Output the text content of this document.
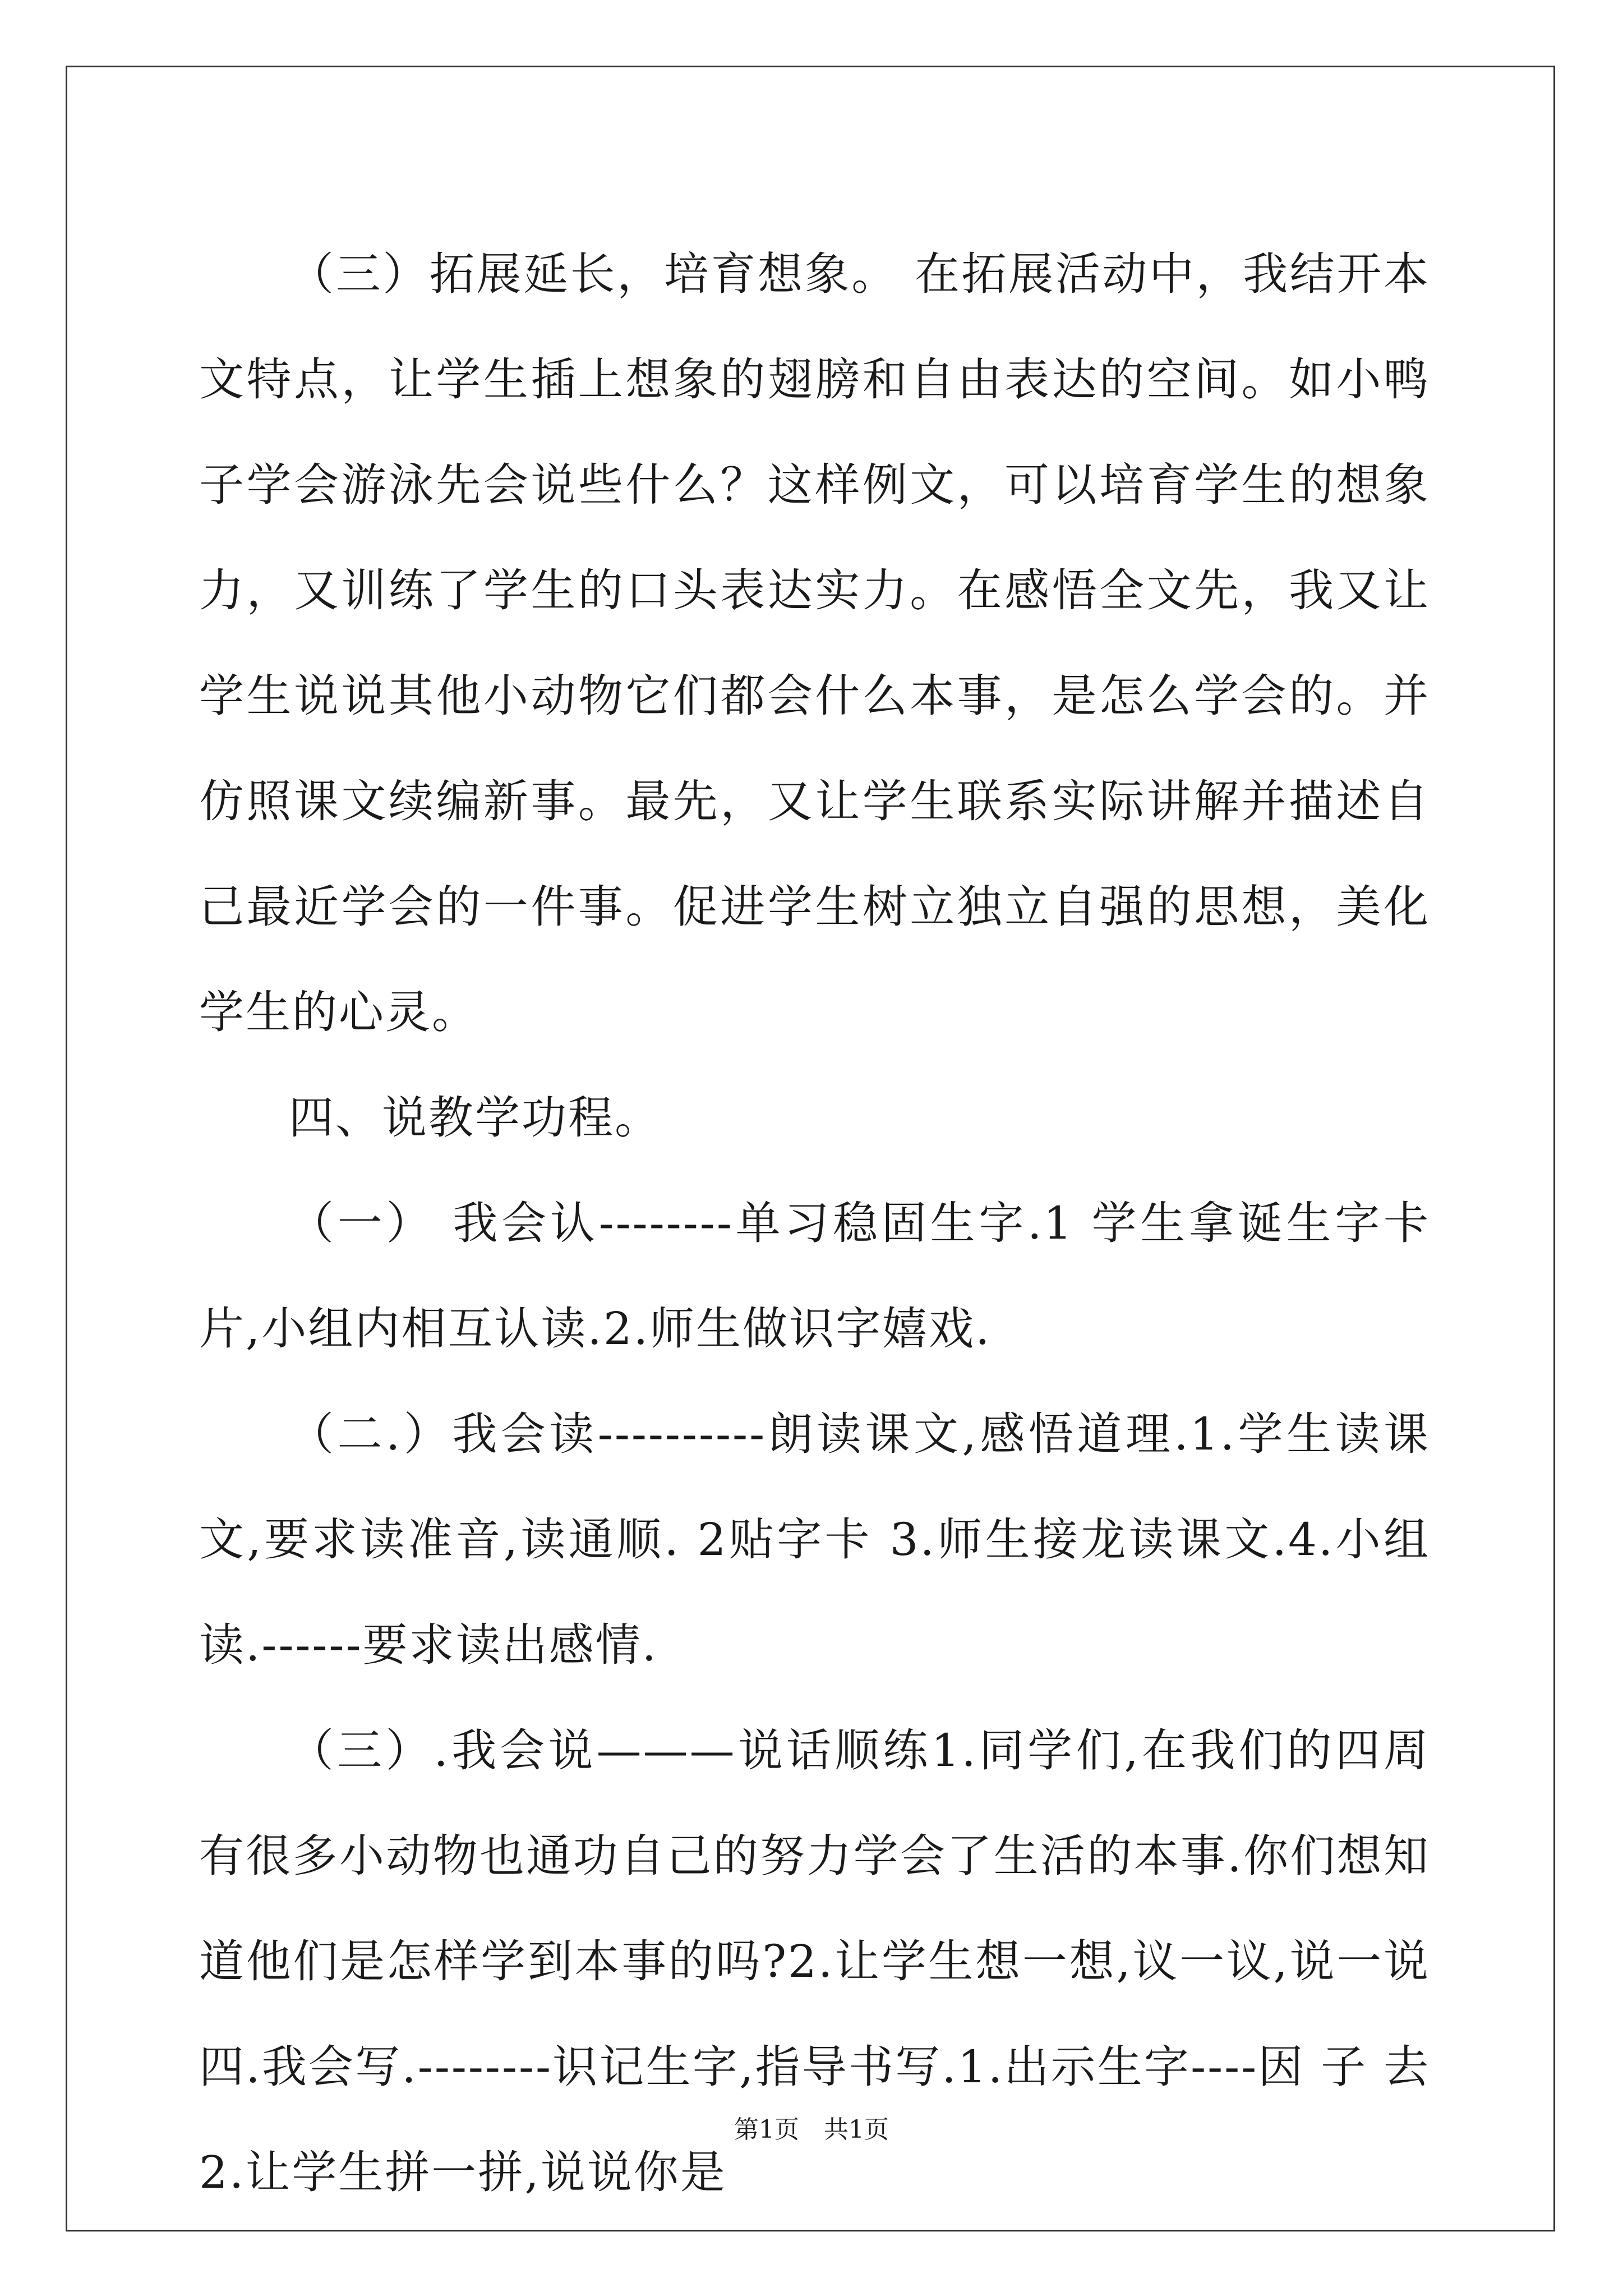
（三）拓展延长，培育想象。 在拓展活动中，我结开本文特点，让学生插上想象的翅膀和自由表达的空间。如小鸭子学会游泳先会说些什么？这样例文，可以培育学生的想象力，又训练了学生的口头表达实力。在感悟全文先，我又让学生说说其他小动物它们都会什么本事，是怎么学会的。并仿照课文续编新事。最先，又让学生联系实际讲解并描述自己最近学会的一件事。促进学生树立独立自强的思想，美化学生的心灵。

四、说教学功程。

（一） 我会认--------单习稳固生字.1 学生拿诞生字卡片,小组内相互认读.2.师生做识字嬉戏.

（二.）我会读----------朗读课文,感悟道理.1.学生读课文,要求读准音,读通顺. 2贴字卡 3.师生接龙读课文.4.小组读.------要求读出感情.

（三）.我会说———说话顺练1.同学们,在我们的四周有很多小动物也通功自己的努力学会了生活的本事.你们想知道他们是怎样学到本事的吗?2.让学生想一想,议一议,说一说四.我会写.--------识记生字,指导书写.1.出示生字----因 子 去2.让学生拼一拼,说说你是

第1页　共1页
